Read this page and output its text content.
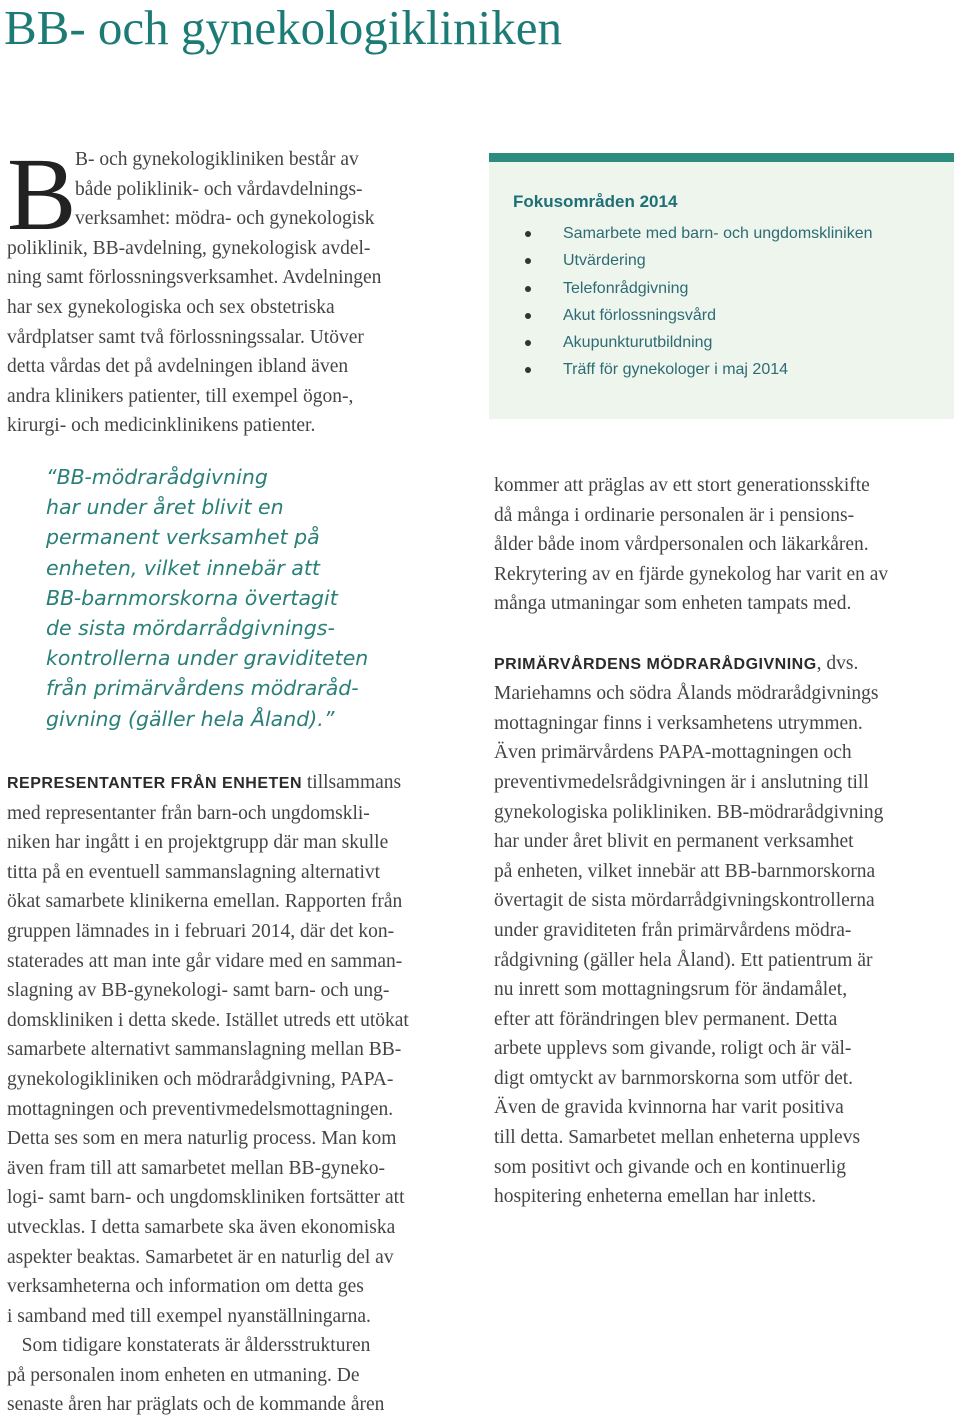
BB- och gynekologikliniken
B
B- och gynekologikliniken består av
både poliklinik- och vårdavdelnings-
verksamhet: mödra- och gynekologisk
poliklinik, BB-avdelning, gynekologisk avdel-
ning samt förlossningsverksamhet. Avdelningen
har sex gynekologiska och sex obstetriska
vårdplatser samt två förlossningssalar. Utöver
detta vårdas det på avdelningen ibland även
andra klinikers patienter, till exempel ögon-,
kirurgi- och medicinklinikens patienter.
Fokusområden 2014
Samarbete med barn- och ungdomskliniken
Utvärdering
Telefonrådgivning
Akut förlossningsvård
Akupunkturutbildning
Träff för gynekologer i maj 2014
“BB-mödrarådgivning
har under året blivit en
permanent verksamhet på
enheten, vilket innebär att
BB-barnmorskorna övertagit
de sista mördarrådgivnings-
kontrollerna under graviditeten
från primärvårdens mödraråd-
givning (gäller hela Åland).”
REPRESENTANTER FRÅN ENHETEN tillsammans
med representanter från barn-och ungdomskli-
niken har ingått i en projektgrupp där man skulle
titta på en eventuell sammanslagning alternativt
ökat samarbete klinikerna emellan. Rapporten från
gruppen lämnades in i februari 2014, där det kon-
staterades att man inte går vidare med en samman-
slagning av BB-gynekologi- samt barn- och ung-
domskliniken i detta skede. Istället utreds ett utökat
samarbete alternativt sammanslagning mellan BB-
gynekologikliniken och mödrarådgivning, PAPA-
mottagningen och preventivmedelsmottagningen.
Detta ses som en mera naturlig process. Man kom
även fram till att samarbetet mellan BB-gyneko-
logi- samt barn- och ungdomskliniken fortsätter att
utvecklas. I detta samarbete ska även ekonomiska
aspekter beaktas. Samarbetet är en naturlig del av
verksamheterna och information om detta ges
i samband med till exempel nyanställningarna.
Som tidigare konstaterats är åldersstrukturen
på personalen inom enheten en utmaning. De
senaste åren har präglats och de kommande åren
kommer att präglas av ett stort generationsskifte
då många i ordinarie personalen är i pensions-
ålder både inom vårdpersonalen och läkarkåren.
Rekrytering av en fjärde gynekolog har varit en av
många utmaningar som enheten tampats med.
PRIMÄRVÅRDENS MÖDRARÅDGIVNING, dvs.
Mariehamns och södra Ålands mödrarådgivnings
mottagningar finns i verksamhetens utrymmen.
Även primärvårdens PAPA-mottagningen och
preventivmedelsrådgivningen är i anslutning till
gynekologiska polikliniken. BB-mödrarådgivning
har under året blivit en permanent verksamhet
på enheten, vilket innebär att BB-barnmorskorna
övertagit de sista mördarrådgivningskontrollerna
under graviditeten från primärvårdens mödra-
rådgivning (gäller hela Åland). Ett patientrum är
nu inrett som mottagningsrum för ändamålet,
efter att förändringen blev permanent. Detta
arbete upplevs som givande, roligt och är väl-
digt omtyckt av barnmorskorna som utför det.
Även de gravida kvinnorna har varit positiva
till detta. Samarbetet mellan enheterna upplevs
som positivt och givande och en kontinuerlig
hospitering enheterna emellan har inletts.
